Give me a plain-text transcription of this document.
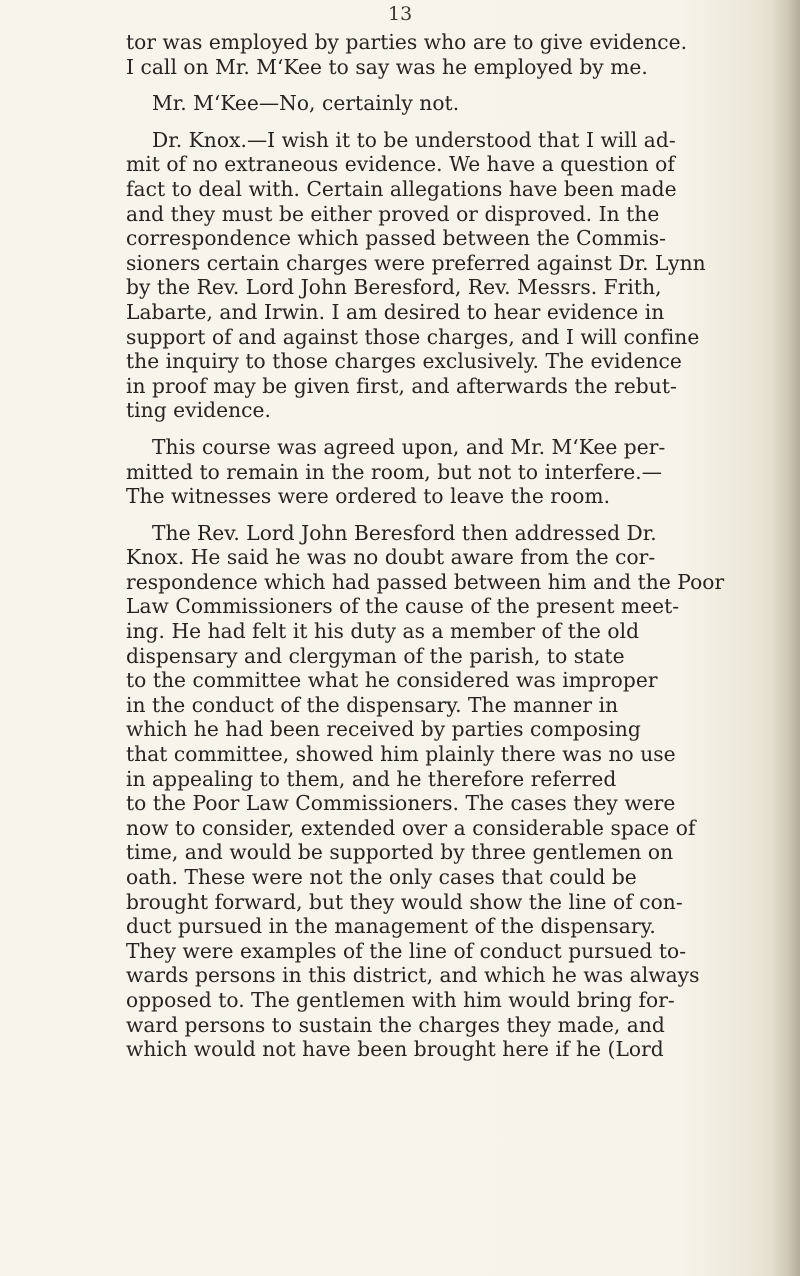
13
tor was employed by parties who are to give evidence.
I call on Mr. M‘Kee to say was he employed by me.
Mr. M‘Kee—No, certainly not.
Dr. Knox.—I wish it to be understood that I will ad-
mit of no extraneous evidence. We have a question of
fact to deal with. Certain allegations have been made
and they must be either proved or disproved. In the
correspondence which passed between the Commis-
sioners certain charges were preferred against Dr. Lynn
by the Rev. Lord John Beresford, Rev. Messrs. Frith,
Labarte, and Irwin. I am desired to hear evidence in
support of and against those charges, and I will confine
the inquiry to those charges exclusively. The evidence
in proof may be given first, and afterwards the rebut-
ting evidence.
This course was agreed upon, and Mr. M‘Kee per-
mitted to remain in the room, but not to interfere.—
The witnesses were ordered to leave the room.
The Rev. Lord John Beresford then addressed Dr.
Knox. He said he was no doubt aware from the cor-
respondence which had passed between him and the Poor
Law Commissioners of the cause of the present meet-
ing. He had felt it his duty as a member of the old
dispensary and clergyman of the parish, to state
to the committee what he considered was improper
in the conduct of the dispensary. The manner in
which he had been received by parties composing
that committee, showed him plainly there was no use
in appealing to them, and he therefore referred
to the Poor Law Commissioners. The cases they were
now to consider, extended over a considerable space of
time, and would be supported by three gentlemen on
oath. These were not the only cases that could be
brought forward, but they would show the line of con-
duct pursued in the management of the dispensary.
They were examples of the line of conduct pursued to-
wards persons in this district, and which he was always
opposed to. The gentlemen with him would bring for-
ward persons to sustain the charges they made, and
which would not have been brought here if he (Lord
